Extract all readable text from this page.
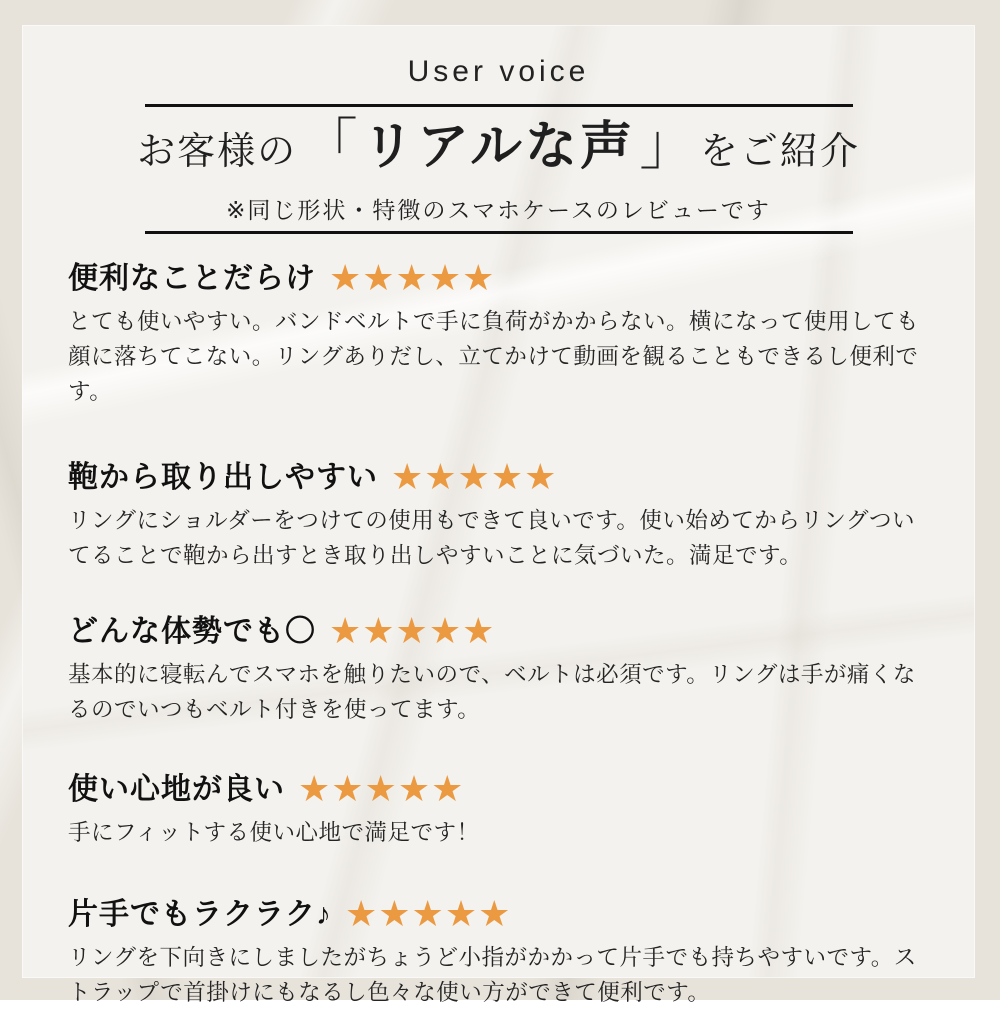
User voice
お客様の 「 リアルな声 」 をご紹介
※同じ形状・特徴のスマホケースのレビューです
便利なことだらけ ★★★★★

とても使いやすい。バンドベルトで手に負荷がかからない。横になって使用しても顔に落ちてこない。リングありだし、立てかけて動画を観ることもできるし便利です。

鞄から取り出しやすい ★★★★★

リングにショルダーをつけての使用もできて良いです。使い始めてからリングついてることで鞄から出すとき取り出しやすいことに気づいた。満足です。

どんな体勢でも〇 ★★★★★

基本的に寝転んでスマホを触りたいので、ベルトは必須です。リングは手が痛くなるのでいつもベルト付きを使ってます。

使い心地が良い ★★★★★

手にフィットする使い心地で満足です！

片手でもラクラク♪ ★★★★★

リングを下向きにしましたがちょうど小指がかかって片手でも持ちやすいです。ストラップで首掛けにもなるし色々な使い方ができて便利です。
